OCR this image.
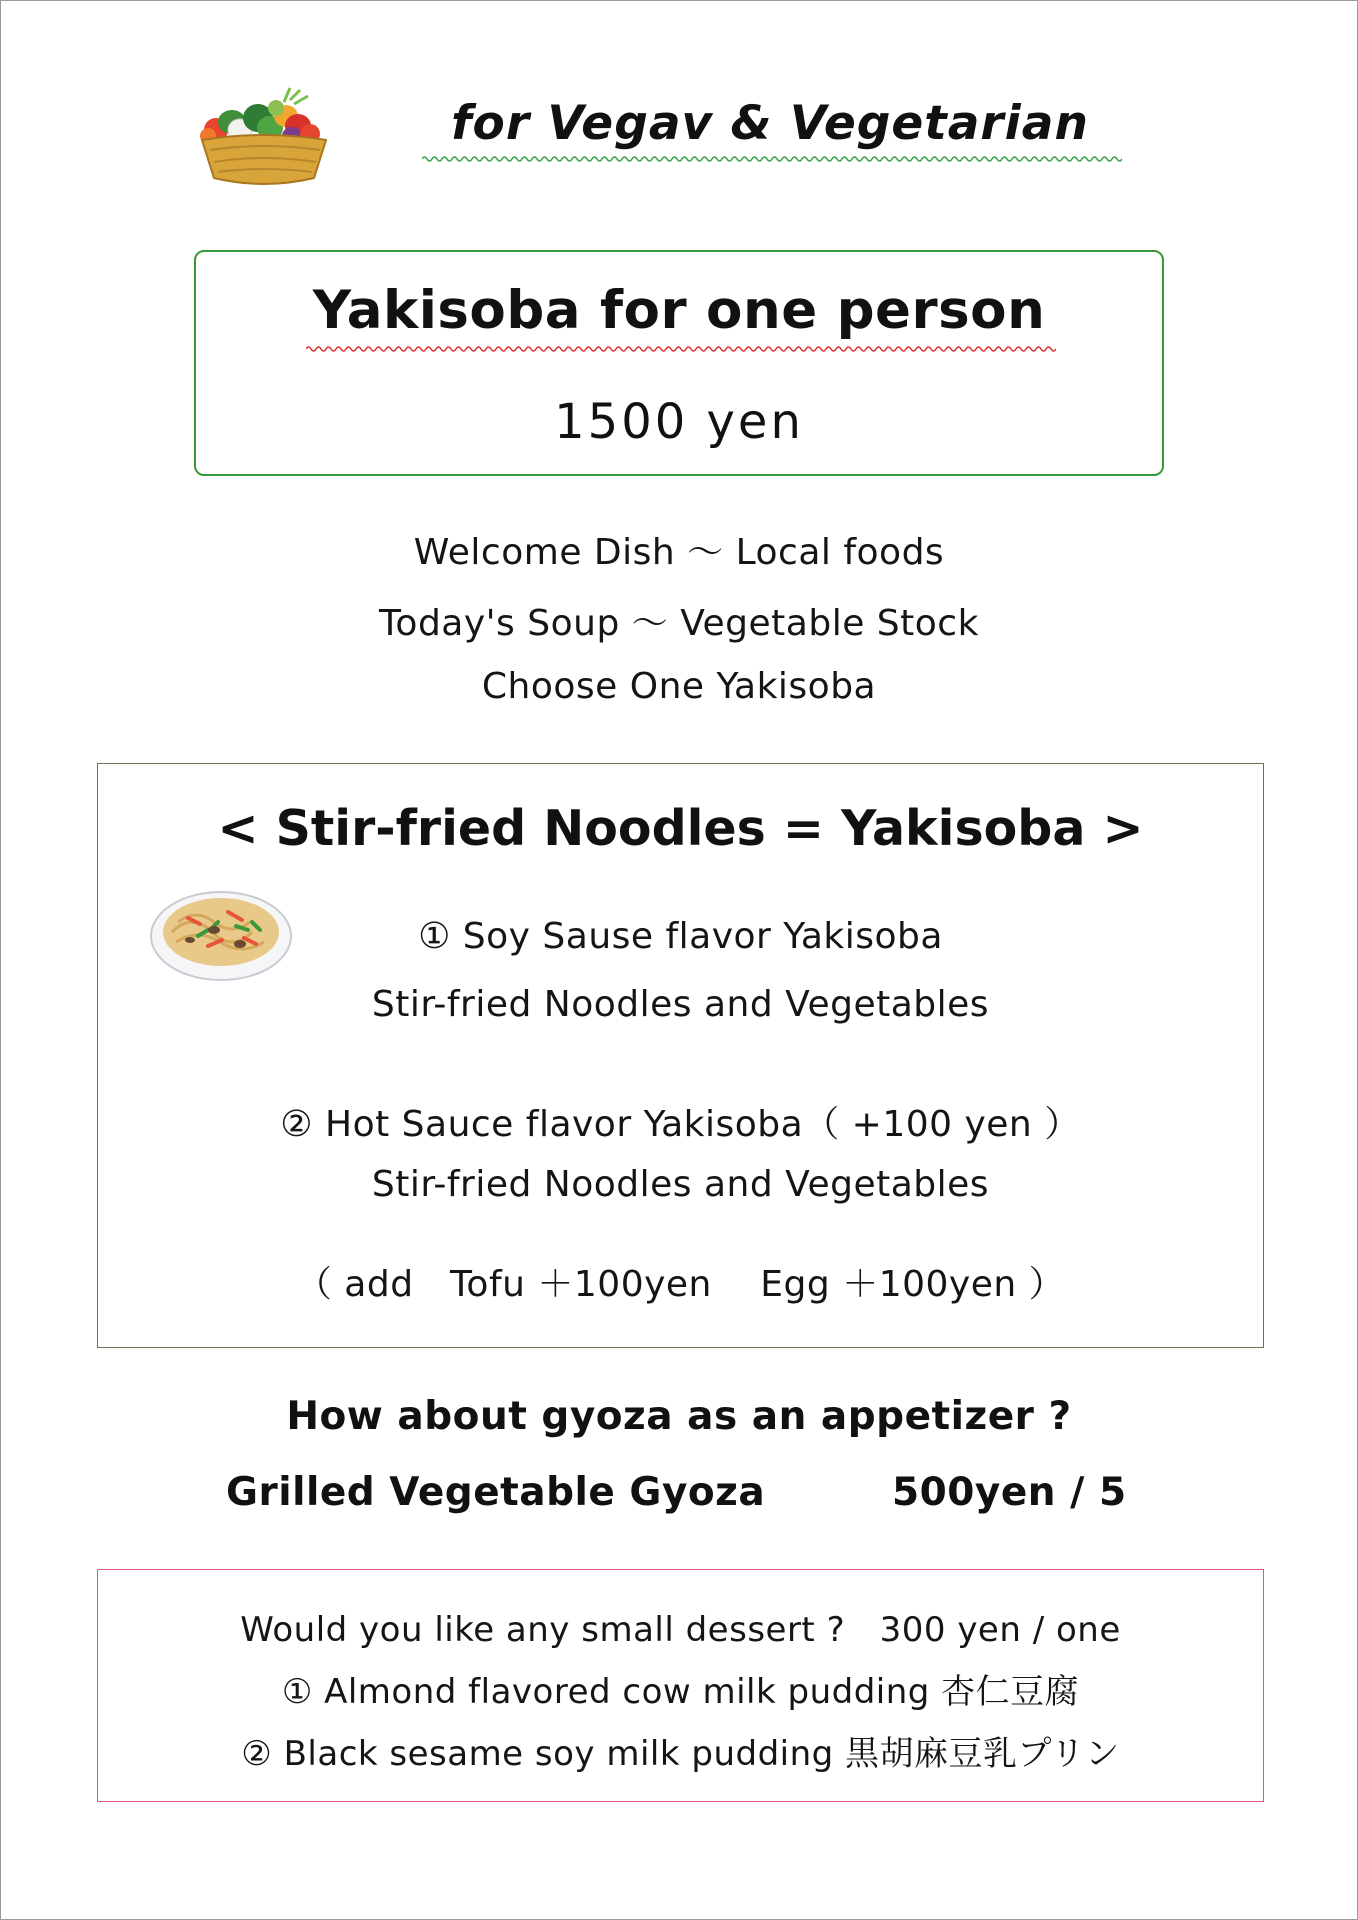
for Vegav & Vegetarian
Yakisoba for one person
1500 yen
Welcome Dish ～ Local foods
Today's Soup ～ Vegetable Stock
Choose One Yakisoba
< Stir-fried Noodles = Yakisoba >
① Soy Sause flavor Yakisoba
Stir-fried Noodles and Vegetables
② Hot Sauce flavor Yakisoba（ +100 yen ）
Stir-fried Noodles and Vegetables
（ add　Tofu ＋100yen　 Egg ＋100yen ）
How about gyoza as an appetizer ?
Grilled Vegetable Gyoza	500yen / 5
Would you like any small dessert ?　300 yen / one
① Almond flavored cow milk pudding 杏仁豆腐
② Black sesame soy milk pudding 黒胡麻豆乳プリン
